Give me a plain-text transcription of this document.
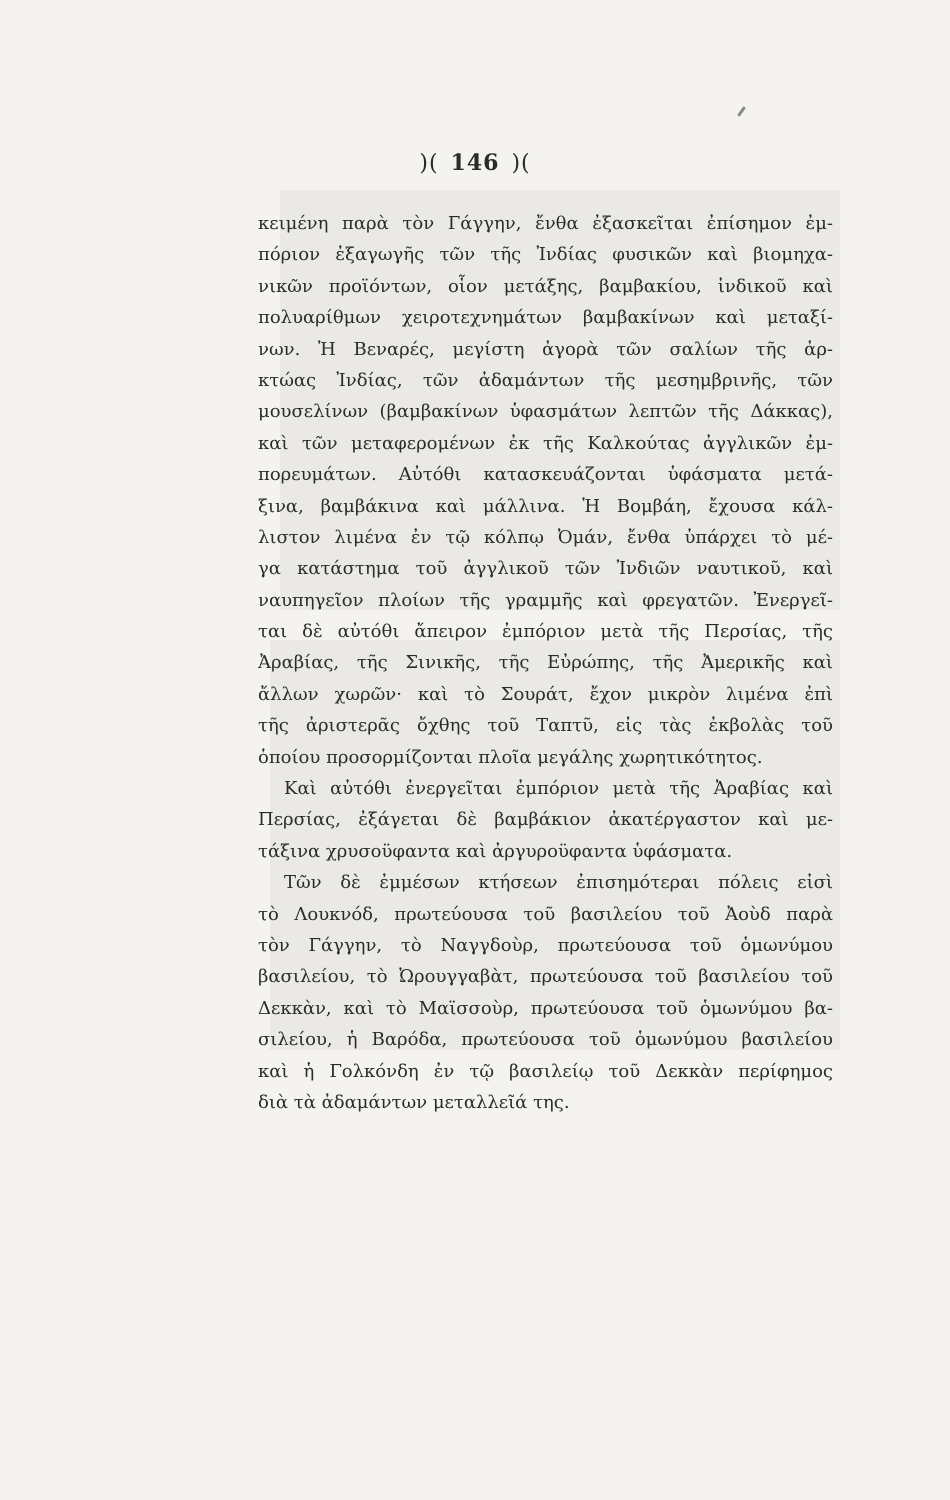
)( 146 )(
κειμένη παρὰ τὸν Γάγγην, ἔνθα ἐξασκεῖται ἐπίσημον ἐμ-
πόριον ἐξαγωγῆς τῶν τῆς Ἰνδίας φυσικῶν καὶ βιομηχα-
νικῶν προϊόντων, οἷον μετάξης, βαμβακίου, ἰνδικοῦ καὶ
πολυαρίθμων χειροτεχνημάτων βαμβακίνων καὶ μεταξί-
νων. Ἡ Βεναρές, μεγίστη ἀγορὰ τῶν σαλίων τῆς ἀρ-
κτώας Ἰνδίας, τῶν ἀδαμάντων τῆς μεσημβρινῆς, τῶν
μουσελίνων (βαμβακίνων ὑφασμάτων λεπτῶν τῆς Δάκκας),
καὶ τῶν μεταφερομένων ἐκ τῆς Καλκούτας ἀγγλικῶν ἐμ-
πορευμάτων. Αὐτόθι κατασκευάζονται ὑφάσματα μετά-
ξινα, βαμβάκινα καὶ μάλλινα. Ἡ Βομβάη, ἔχουσα κάλ-
λιστον λιμένα ἐν τῷ κόλπῳ Ὀμάν, ἔνθα ὑπάρχει τὸ μέ-
γα κατάστημα τοῦ ἀγγλικοῦ τῶν Ἰνδιῶν ναυτικοῦ, καὶ
ναυπηγεῖον πλοίων τῆς γραμμῆς καὶ φρεγατῶν. Ἐνεργεῖ-
ται δὲ αὐτόθι ἄπειρον ἐμπόριον μετὰ τῆς Περσίας, τῆς
Ἀραβίας, τῆς Σινικῆς, τῆς Εὐρώπης, τῆς Ἀμερικῆς καὶ
ἄλλων χωρῶν· καὶ τὸ Σουράτ, ἔχον μικρὸν λιμένα ἐπὶ
τῆς ἀριστερᾶς ὄχθης τοῦ Ταπτῦ, εἰς τὰς ἐκβολὰς τοῦ
ὁποίου προσορμίζονται πλοῖα μεγάλης χωρητικότητος.
Καὶ αὐτόθι ἐνεργεῖται ἐμπόριον μετὰ τῆς Ἀραβίας καὶ
Περσίας, ἐξάγεται δὲ βαμβάκιον ἀκατέργαστον καὶ με-
τάξινα χρυσοϋφαντα καὶ ἀργυροϋφαντα ὑφάσματα.
Τῶν δὲ ἐμμέσων κτήσεων ἐπισημότεραι πόλεις εἰσὶ
τὸ Λουκνόδ, πρωτεύουσα τοῦ βασιλείου τοῦ Ἀοὺδ παρὰ
τὸν Γάγγην, τὸ Ναγγδοὺρ, πρωτεύουσα τοῦ ὁμωνύμου
βασιλείου, τὸ Ὠρουγγαβὰτ, πρωτεύουσα τοῦ βασιλείου τοῦ
Δεκκὰν, καὶ τὸ Μαϊσσοὺρ, πρωτεύουσα τοῦ ὁμωνύμου βα-
σιλείου, ἡ Βαρόδα, πρωτεύουσα τοῦ ὁμωνύμου βασιλείου
καὶ ἡ Γολκόνδη ἐν τῷ βασιλείῳ τοῦ Δεκκὰν περίφημος
διὰ τὰ ἀδαμάντων μεταλλεῖά της.
